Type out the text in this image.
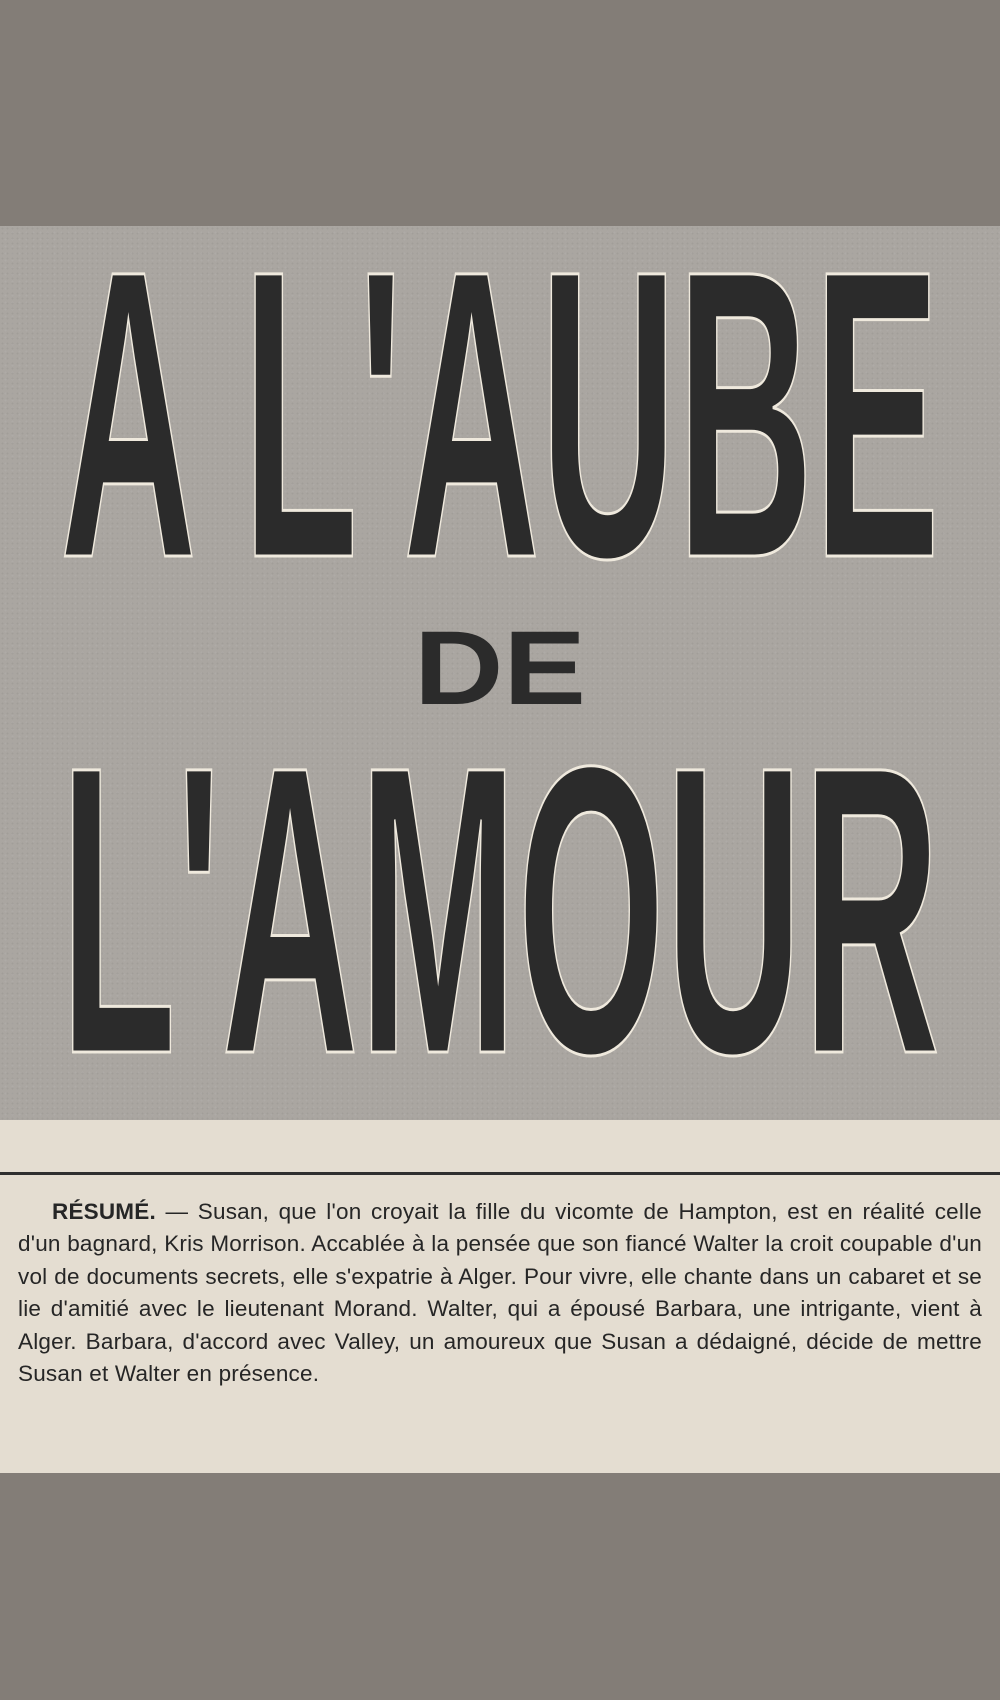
A L'AUBE
A L'AUBE
DE
L'AMOUR
L'AMOUR

RÉSUMÉ. — Susan, que l'on croyait la fille du vicomte de Hampton, est en réalité celle d'un bagnard, Kris Morrison. Accablée à la pensée que son fiancé Walter la croit coupable d'un vol de documents secrets, elle s'expatrie à Alger. Pour vivre, elle chante dans un cabaret et se lie d'amitié avec le lieutenant Morand. Walter, qui a épousé Barbara, une intrigante, vient à Alger. Barbara, d'accord avec Valley, un amoureux que Susan a dédaigné, décide de mettre Susan et Walter en présence.
